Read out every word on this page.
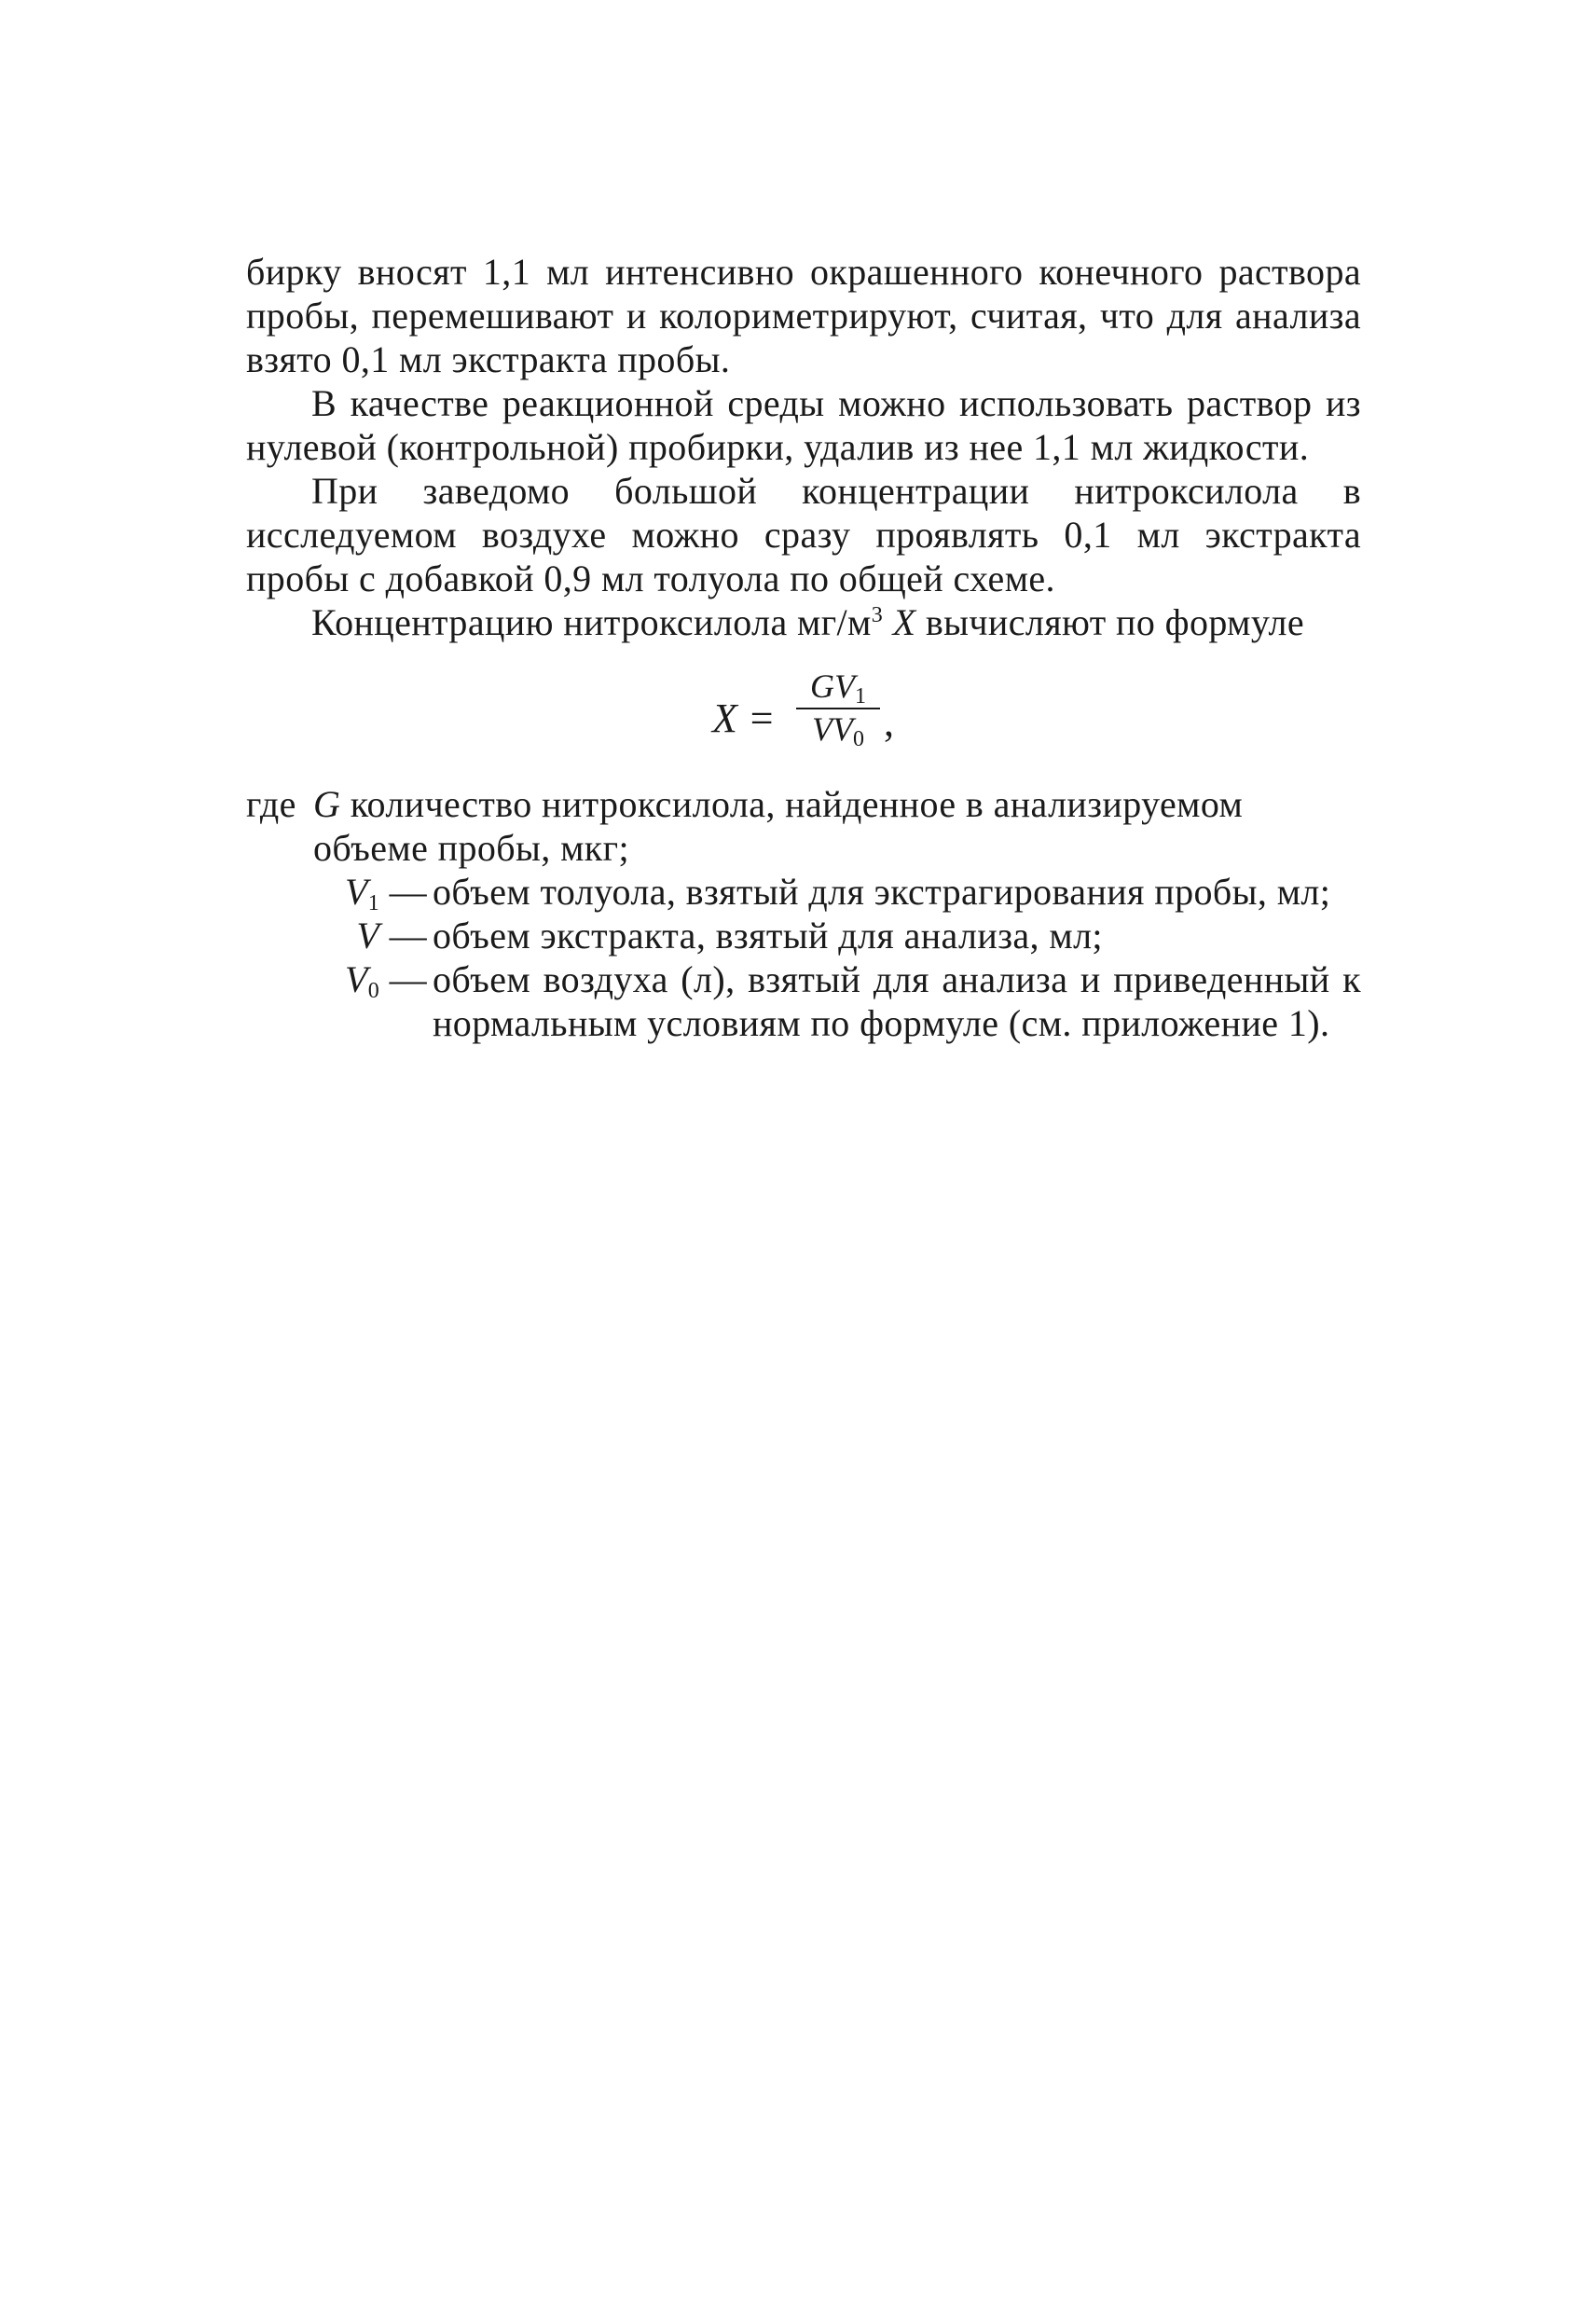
бирку вносят 1,1 мл интенсивно окрашенного конечного раствора пробы, перемешивают и колориметрируют, считая, что для анализа взято 0,1 мл экстракта пробы.

В качестве реакционной среды можно использовать раствор из нулевой (контрольной) пробирки, удалив из нее 1,1 мл жидкости.

При заведомо большой концентрации нитроксилола в исследуемом воздухе можно сразу проявлять 0,1 мл экстракта пробы с добавкой 0,9 мл толуола по общей схеме.

Концентрацию нитроксилола $мг/м^3$ X вычисляют по формуле

$X = \frac{GV_1}{VV_0}$ ,
где G количество нитроксилола, найденное в анализируемом объеме пробы, мкг;
$V_1$ — объем толуола, взятый для экстрагирования пробы, мл;
V — объем экстракта, взятый для анализа, мл;
$V_0$ — объем воздуха (л), взятый для анализа и приведенный к нормальным условиям по формуле (см. приложение 1).
